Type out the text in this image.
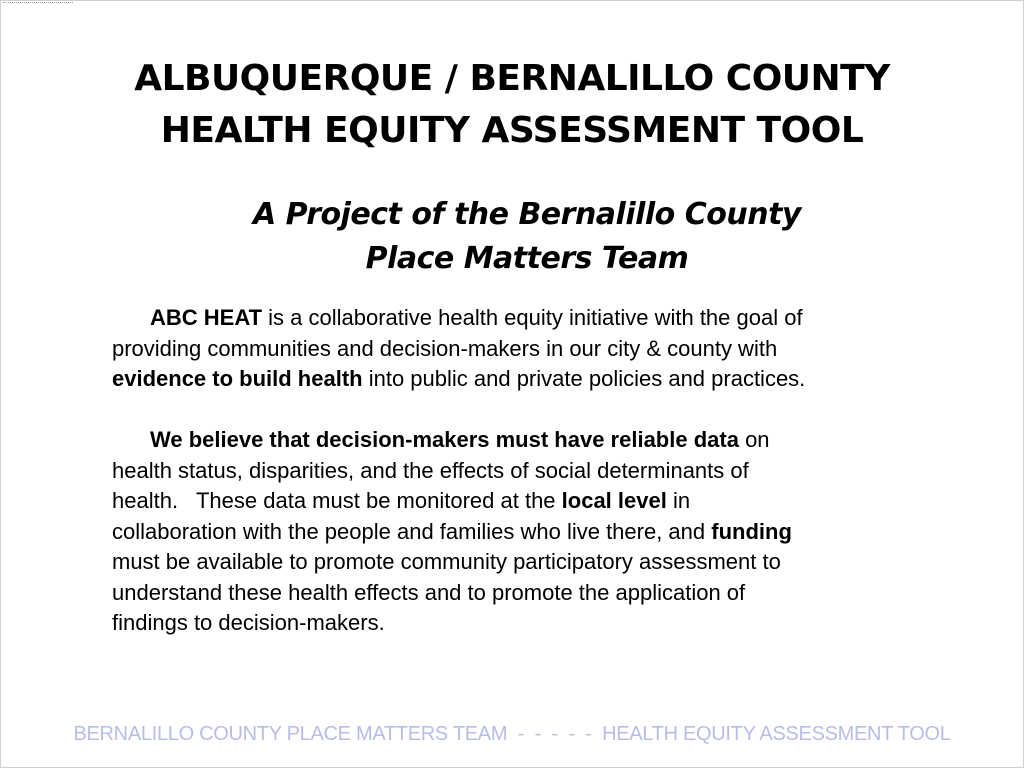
ALBUQUERQUE / BERNALILLO COUNTY
HEALTH EQUITY ASSESSMENT TOOL
A Project of the Bernalillo County
Place Matters Team
ABC HEAT is a collaborative health equity initiative with the goal of
providing communities and decision-makers in our city & county with
evidence to build health into public and private policies and practices.
We believe that decision-makers must have reliable data on
health status, disparities, and the effects of social determinants of
health.   These data must be monitored at the local level in
collaboration with the people and families who live there, and funding
must be available to promote community participatory assessment to
understand these health effects and to promote the application of
findings to decision-makers.
BERNALILLO COUNTY PLACE MATTERS TEAM  -  -  -  -  -  HEALTH EQUITY ASSESSMENT TOOL
